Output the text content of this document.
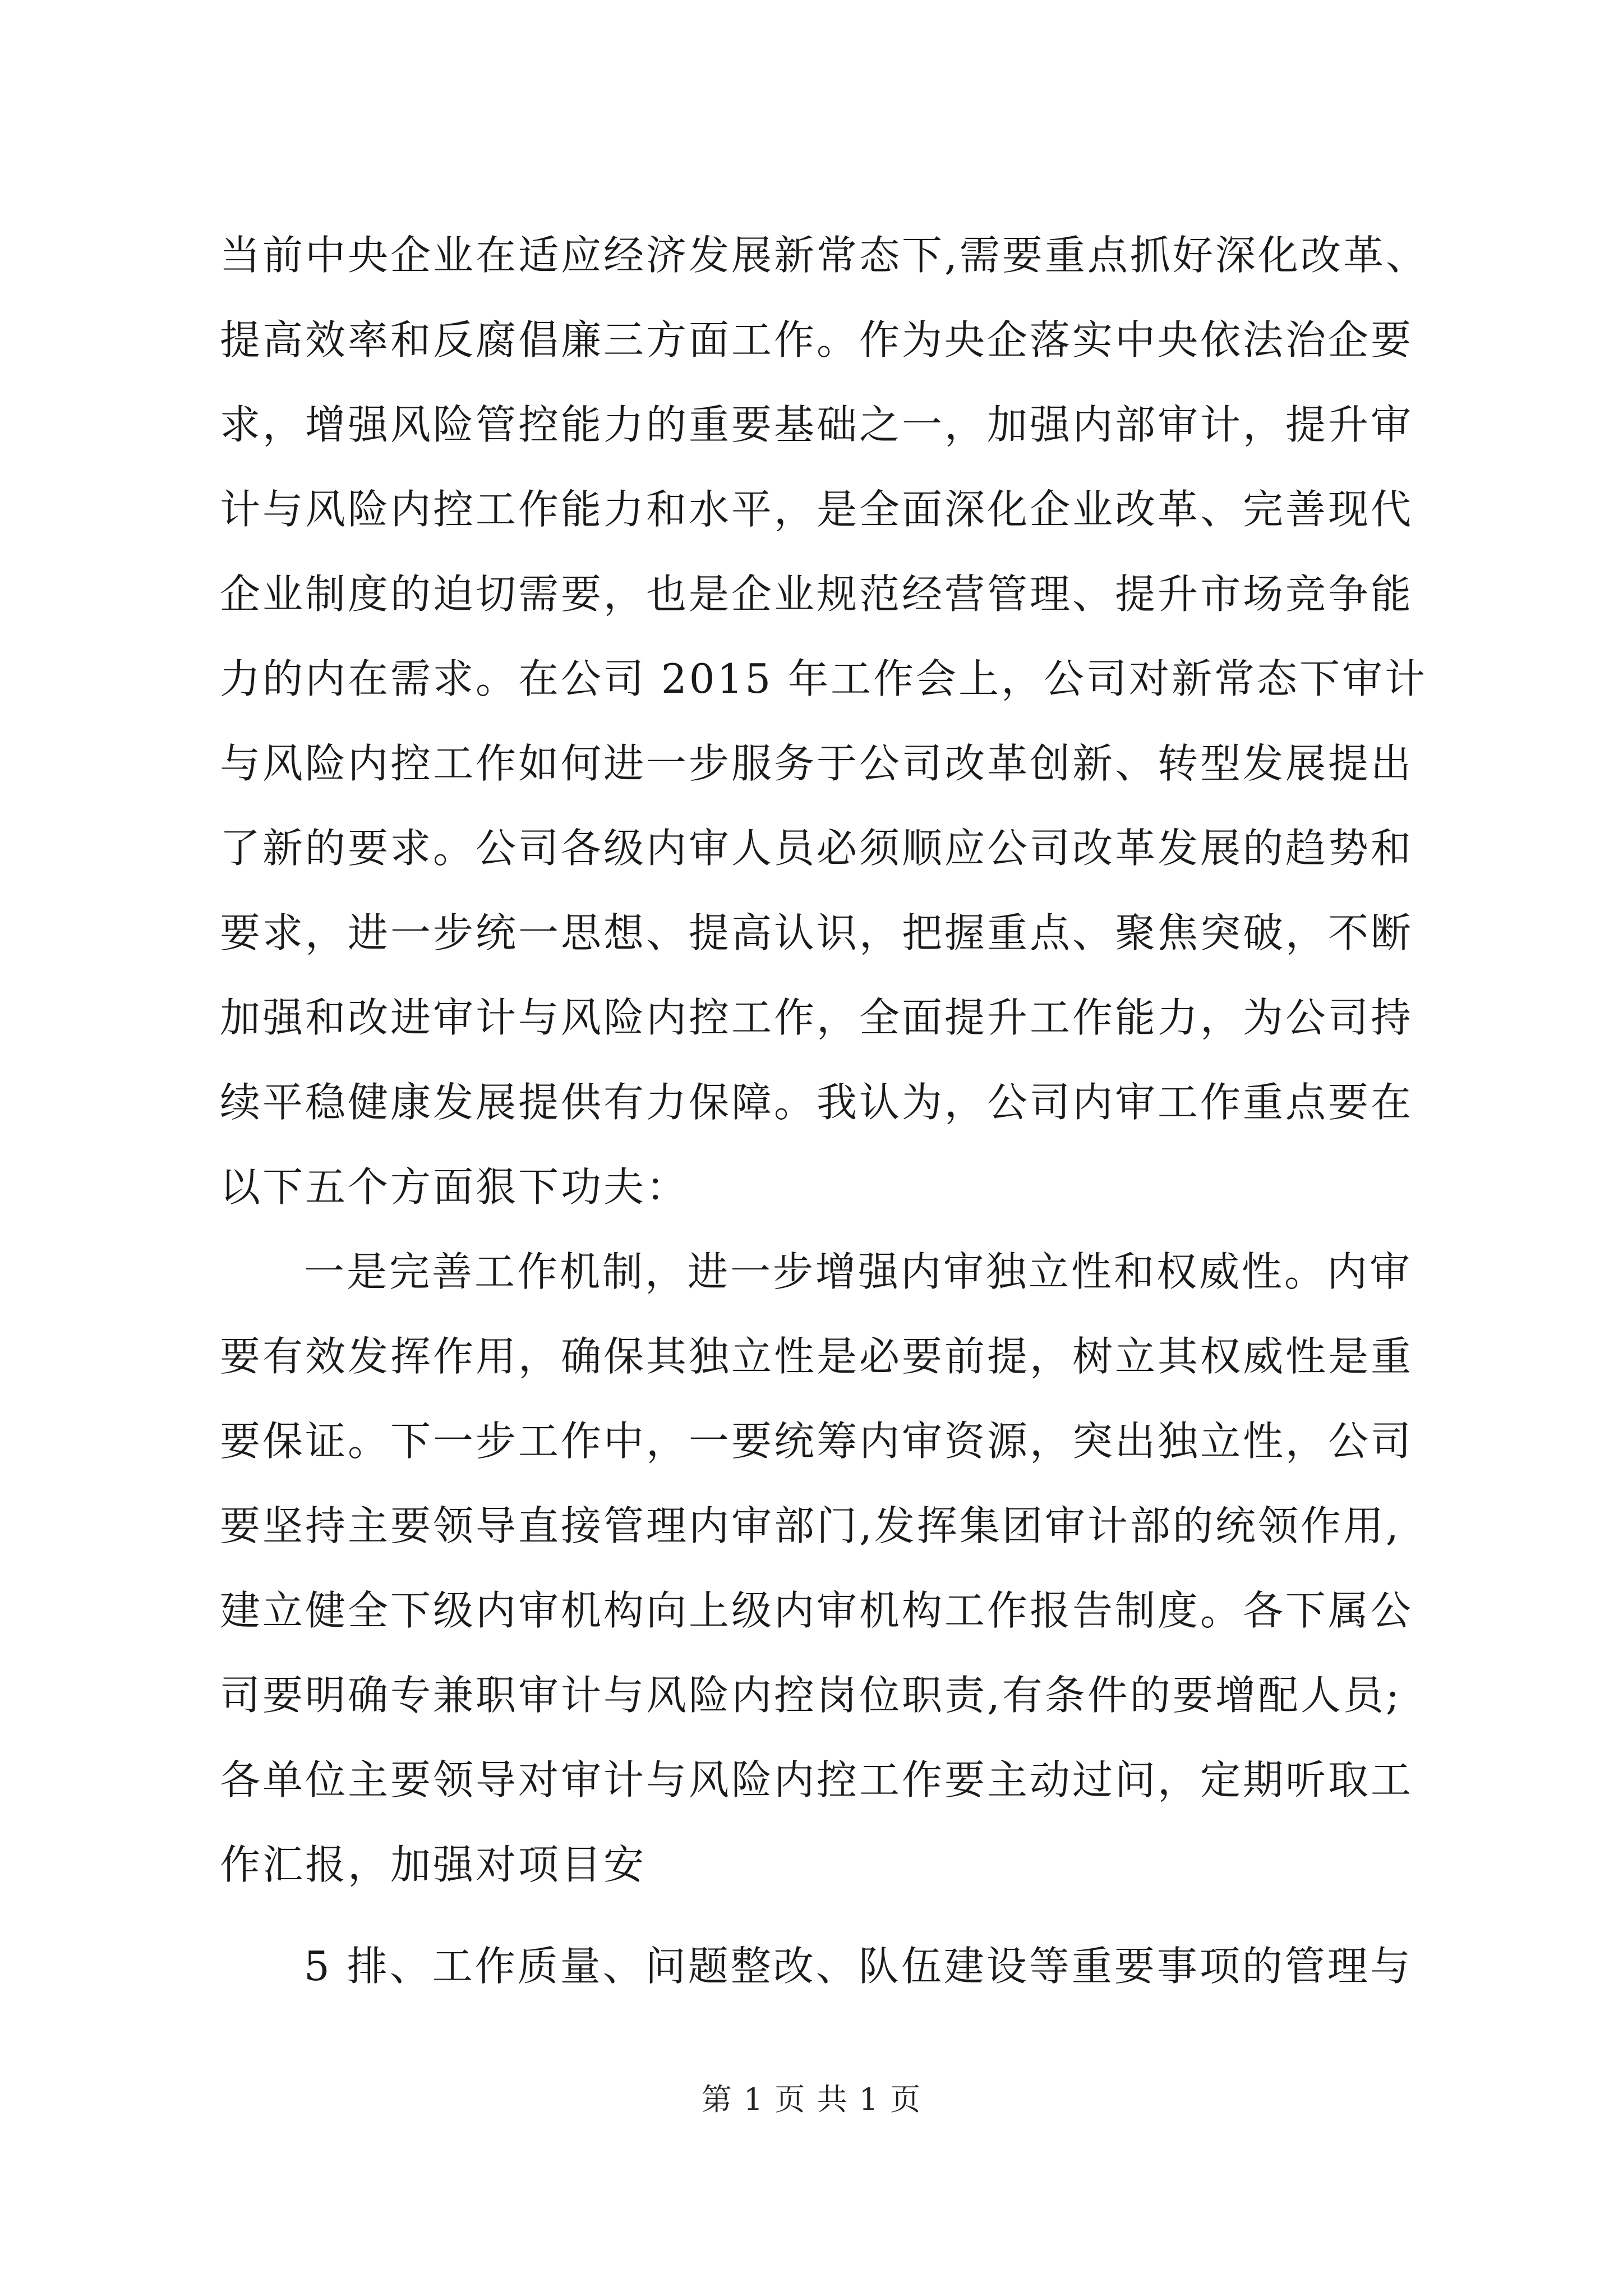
当前中央企业在适应经济发展新常态下,需要重点抓好深化改革、
提高效率和反腐倡廉三方面工作。作为央企落实中央依法治企要
求，增强风险管控能力的重要基础之一，加强内部审计，提升审
计与风险内控工作能力和水平，是全面深化企业改革、完善现代
企业制度的迫切需要，也是企业规范经营管理、提升市场竞争能
力的内在需求。在公司 2015 年工作会上，公司对新常态下审计
与风险内控工作如何进一步服务于公司改革创新、转型发展提出
了新的要求。公司各级内审人员必须顺应公司改革发展的趋势和
要求，进一步统一思想、提高认识，把握重点、聚焦突破，不断
加强和改进审计与风险内控工作，全面提升工作能力，为公司持
续平稳健康发展提供有力保障。我认为，公司内审工作重点要在
以下五个方面狠下功夫：
一是完善工作机制，进一步增强内审独立性和权威性。内审
要有效发挥作用，确保其独立性是必要前提，树立其权威性是重
要保证。下一步工作中，一要统筹内审资源，突出独立性，公司
要坚持主要领导直接管理内审部门,发挥集团审计部的统领作用,
建立健全下级内审机构向上级内审机构工作报告制度。各下属公
司要明确专兼职审计与风险内控岗位职责,有条件的要增配人员;
各单位主要领导对审计与风险内控工作要主动过问，定期听取工
作汇报，加强对项目安
5 排、工作质量、问题整改、队伍建设等重要事项的管理与
第 1 页 共 1 页
